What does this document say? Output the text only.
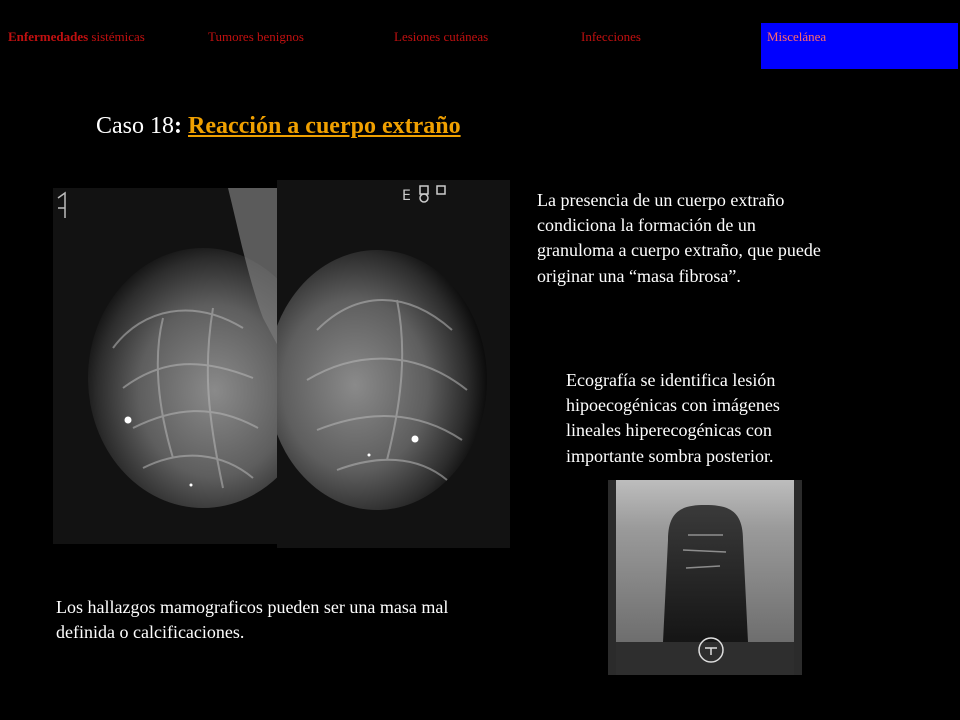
Enfermedades sistémicas	Tumores benignos	Lesiones cutáneas	Infecciones	Miscelánea
Caso 18: Reacción a cuerpo extraño
E	La presencia de un cuerpo extraño condiciona la formación de un granuloma a cuerpo extraño, que puede originar una “masa fibrosa”.
Ecografía se identifica lesión hipoecogénicas con imágenes lineales hiperecogénicas con importante sombra posterior.
Los hallazgos mamograficos pueden ser una masa mal definida o calcificaciones.
